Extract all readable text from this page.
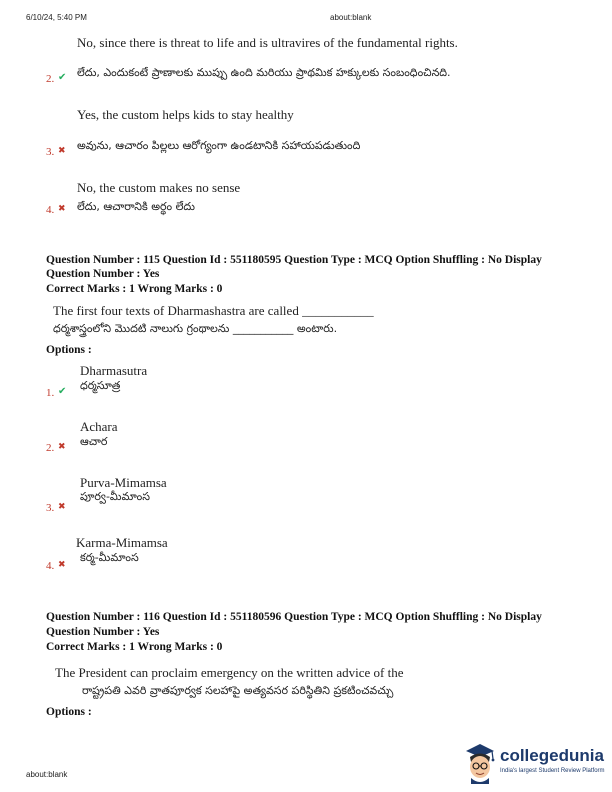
6/10/24, 5:40 PM	about:blank
No, since there is threat to life and is ultravires of the fundamental rights.
2. ✔ లేదు, ఎందుకంటే ప్రాణాలకు ముప్పు ఉంది మరియు ప్రాథమిక హక్కులకు సంబంధించినది.
Yes, the custom helps kids to stay healthy
3. ✖ అవును, ఆచారం పిల్లలు ఆరోగ్యంగా ఉండటానికి సహాయపడుతుంది
No, the custom makes no sense
4. ✖ లేదు, ఆచారానికి అర్థం లేదు
Question Number : 115 Question Id : 551180595 Question Type : MCQ Option Shuffling : No Display
Question Number : Yes
Correct Marks : 1 Wrong Marks : 0
The first four texts of Dharmashastra are called ___________
ధర్మశాస్త్రంలోని మొదటి నాలుగు గ్రంథాలను ___________ అంటారు.
Options :
Dharmasutra
1. ✔ ధర్మసూత్ర
Achara
2. ✖ ఆచార
Purva-Mimamsa
3. ✖
పూర్వ-మీమాంస
Karma-Mimamsa
4. ✖
కర్మ-మీమాంస
Question Number : 116 Question Id : 551180596 Question Type : MCQ Option Shuffling : No Display
Question Number : Yes
Correct Marks : 1 Wrong Marks : 0
The President can proclaim emergency on the written advice of the
రాష్ట్రపతి ఎవరి వ్రాతపూర్వక సలహాపై అత్యవసర పరిస్థితిని ప్రకటించవచ్చు
Options :
about:blank
collegedunia
India's largest Student Review Platform
